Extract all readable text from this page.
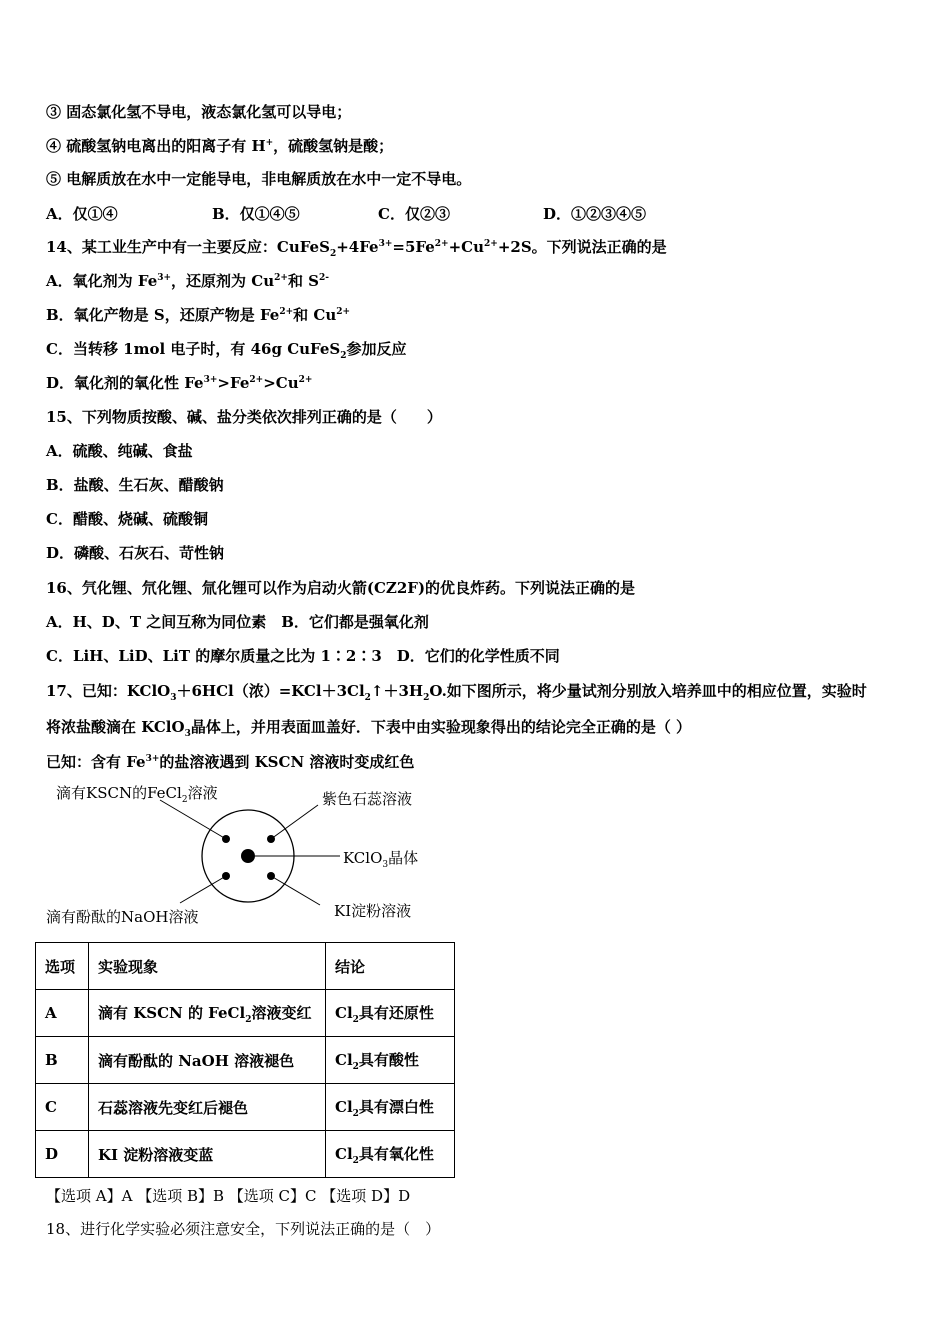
③ 固态氯化氢不导电，液态氯化氢可以导电；
④ 硫酸氢钠电离出的阳离子有 H+，硫酸氢钠是酸；
⑤ 电解质放在水中一定能导电，非电解质放在水中一定不导电。
A．仅①④	B．仅①④⑤	C．仅②③	D．①②③④⑤
14、某工业生产中有一主要反应：$CuFeS_2+4Fe^{3+}=5Fe^{2+}+Cu^{2+}+2S$。下列说法正确的是
A．氧化剂为 $Fe^{3+}$，还原剂为 $Cu^{2+}$和 $S^{2-}$
B．氧化产物是 S，还原产物是 $Fe^{2+}$和 $Cu^{2+}$
C．当转移 1mol 电子时，有 46g CuFeS$_2$参加反应
D．氧化剂的氧化性 $Fe^{3+}>Fe^{2+}>Cu^{2+}$
15、下列物质按酸、碱、盐分类依次排列正确的是（　　）
A．硫酸、纯碱、食盐
B．盐酸、生石灰、醋酸钠
C．醋酸、烧碱、硫酸铜
D．磷酸、石灰石、苛性钠
16、氕化锂、氘化锂、氚化锂可以作为启动火箭(CZ2F)的优良炸药。下列说法正确的是
A．H、D、T 之间互称为同位素　B．它们都是强氧化剂
C．LiH、LiD、LiT 的摩尔质量之比为 1∶2∶3　D．它们的化学性质不同
17、已知：KClO$_3$＋6HCl（浓）$=KCl+3Cl_2↑+3H_2O$.如下图所示，将少量试剂分别放入培养皿中的相应位置，实验时
将浓盐酸滴在 KClO$_3$晶体上，并用表面皿盖好．下表中由实验现象得出的结论完全正确的是（ ）
已知：含有 $Fe^{3+}$的盐溶液遇到 KSCN 溶液时变成红色
滴有KSCN的FeCl$_2$溶液	紫色石蕊溶液
KClO$_3$晶体
滴有酚酞的NaOH溶液	KI淀粉溶液
选项	实验现象	结论
A	滴有 KSCN 的 FeCl$_2$溶液变红	$Cl_2$具有还原性
B	滴有酚酞的 NaOH 溶液褪色	$Cl_2$具有酸性
C	石蕊溶液先变红后褪色	$Cl_2$具有漂白性
D	KI 淀粉溶液变蓝	$Cl_2$具有氧化性
【选项 A】A 【选项 B】B 【选项 C】C 【选项 D】D
18、进行化学实验必须注意安全，下列说法正确的是（　）
